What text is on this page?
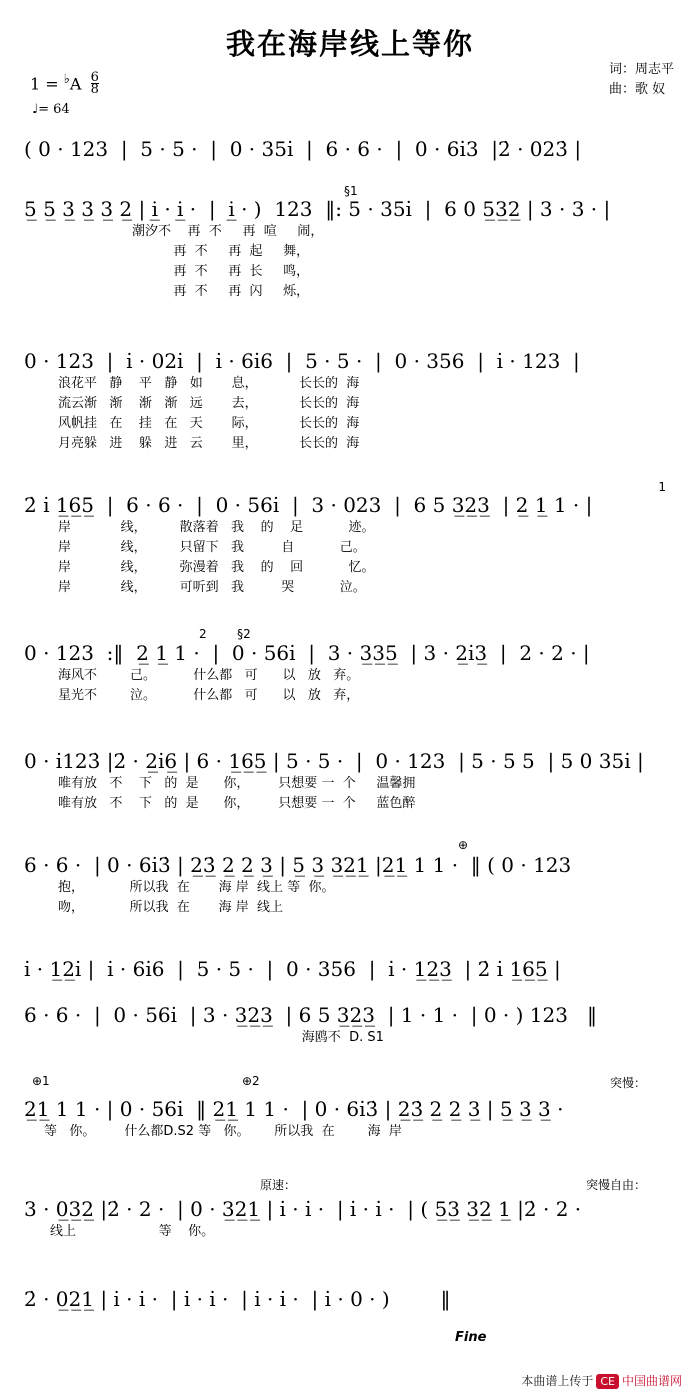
我在海岸线上等你
词：周志平
曲：歌 奴
$1 = ^♭A \frac{6}{8}$
♩= 64
( 0 · 123  |  5 · 5 ·  |  0 · 35i̇  |  6 · 6 ·  |  0 · 6i̇3  |2̇ · 023̇ |
§1
5̲ 5̲ 3̲ 3̲ 3̲ 2̲ | i̲ · i̲ ·  |  i̲ · )  123  ‖: 5 · 35i̇  |  6 0 5̲3̲2̲ | 3 · 3 · |
潮汐不    再  不     再  喧     闹，
再  不     再  起     舞，
再  不     再  长     鸣，
再  不     再  闪     烁，
0 · 123  |  i̇ · 02i̇  |  i̇ · 6i̇6  |  5 · 5 ·  |  0 · 356  |  i̇ · 123  |
浪花平   静    平   静   如       息，          长长的  海
流云渐   渐    渐   渐   远       去，          长长的  海
风帆挂   在    挂   在   天       际，          长长的  海
月亮躲   进    躲   进   云       里，          长长的  海
1
2̇ i̇ 1̲6̲5̲  |  6 · 6 ·  |  0 · 56i̇  |  3 · 023  |  6 5 3̲2̲3̲  | 2̲ 1̲ 1 · |
岸            线，        散落着   我    的    足           迹。
岸            线，        只留下   我         自           己。
岸            线，        弥漫着   我    的    回           忆。
岸            线，        可听到   我         哭           泣。
2        §2
0 · 123  :‖  2̲ 1̲ 1 ·  |  0 · 56i̇  |  3 · 3̲3̲5̲  | 3 · 2̲i̇3̲  |  2 · 2 · |
海风不        己。         什么都   可      以   放   弃。
星光不        泣。         什么都   可      以   放   弃，
0 · i̇123̇ |2̇ · 2̲i̇6̲ | 6 · 1̲6̲5̲ | 5 · 5 ·  |  0 · 123  | 5 · 5 5  | 5 0 35i̇ |
唯有放   不    下   的  是      你，       只想要 一  个     温馨拥
唯有放   不    下   的  是      你，       只想要 一  个     蓝色醉
⊕
6 · 6 ·  | 0 · 6i̇3̇ | 2̲3̲̇ 2̲ 2̲ 3̲ | 5̲ 3̲ 3̲2̲1̲ |2̲1̲ 1 1 ·  ‖ ( 0 · 123
抱，           所以我  在       海 岸  线上 等  你。
吻，           所以我  在       海 岸  线上
i̇ · 1̲2̲i̇ |  i̇ · 6i̇6  |  5 · 5 ·  |  0 · 356  |  i̇ · 1̲2̲3̲  | 2̇ i̇ 1̲6̲5̲ |
6 · 6 ·  |  0 · 56i̇  | 3 · 3̲2̲3̲  | 6 5 3̲2̲3̲  | 1 · 1 ·  | 0 · ) 123   ‖
海鸥不  D. S1
⊕1	⊕2	突慢：
2̲1̲ 1 1 · | 0 · 56i̇  ‖ 2̲1̲ 1 1 ·  | 0 · 6i̇3̇ | 2̲3̲̇ 2̲ 2̲ 3̲ | 5̲ 3̲ 3̲ ·
等   你。       什么都D.S2 等   你。      所以我  在        海  岸
原速：	突慢自由：
3 · 0̲3̲2̲ |2̇ · 2 ·  | 0 · 3̲2̲1̲ | i̇ · i̇ ·  | i̇ · i̇ ·  | ( 5̲3̲ 3̲2̲ 1̲ |2̇ · 2 ·
线上                    等    你。
2̇ · 0̲2̲1̲ | i̇ · i̇ ·  | i̇ · i̇ ·  | i̇ · i̇ ·  | i̇ · 0 · )        ‖
Fine
本曲谱上传于 CE 中国曲谱网
